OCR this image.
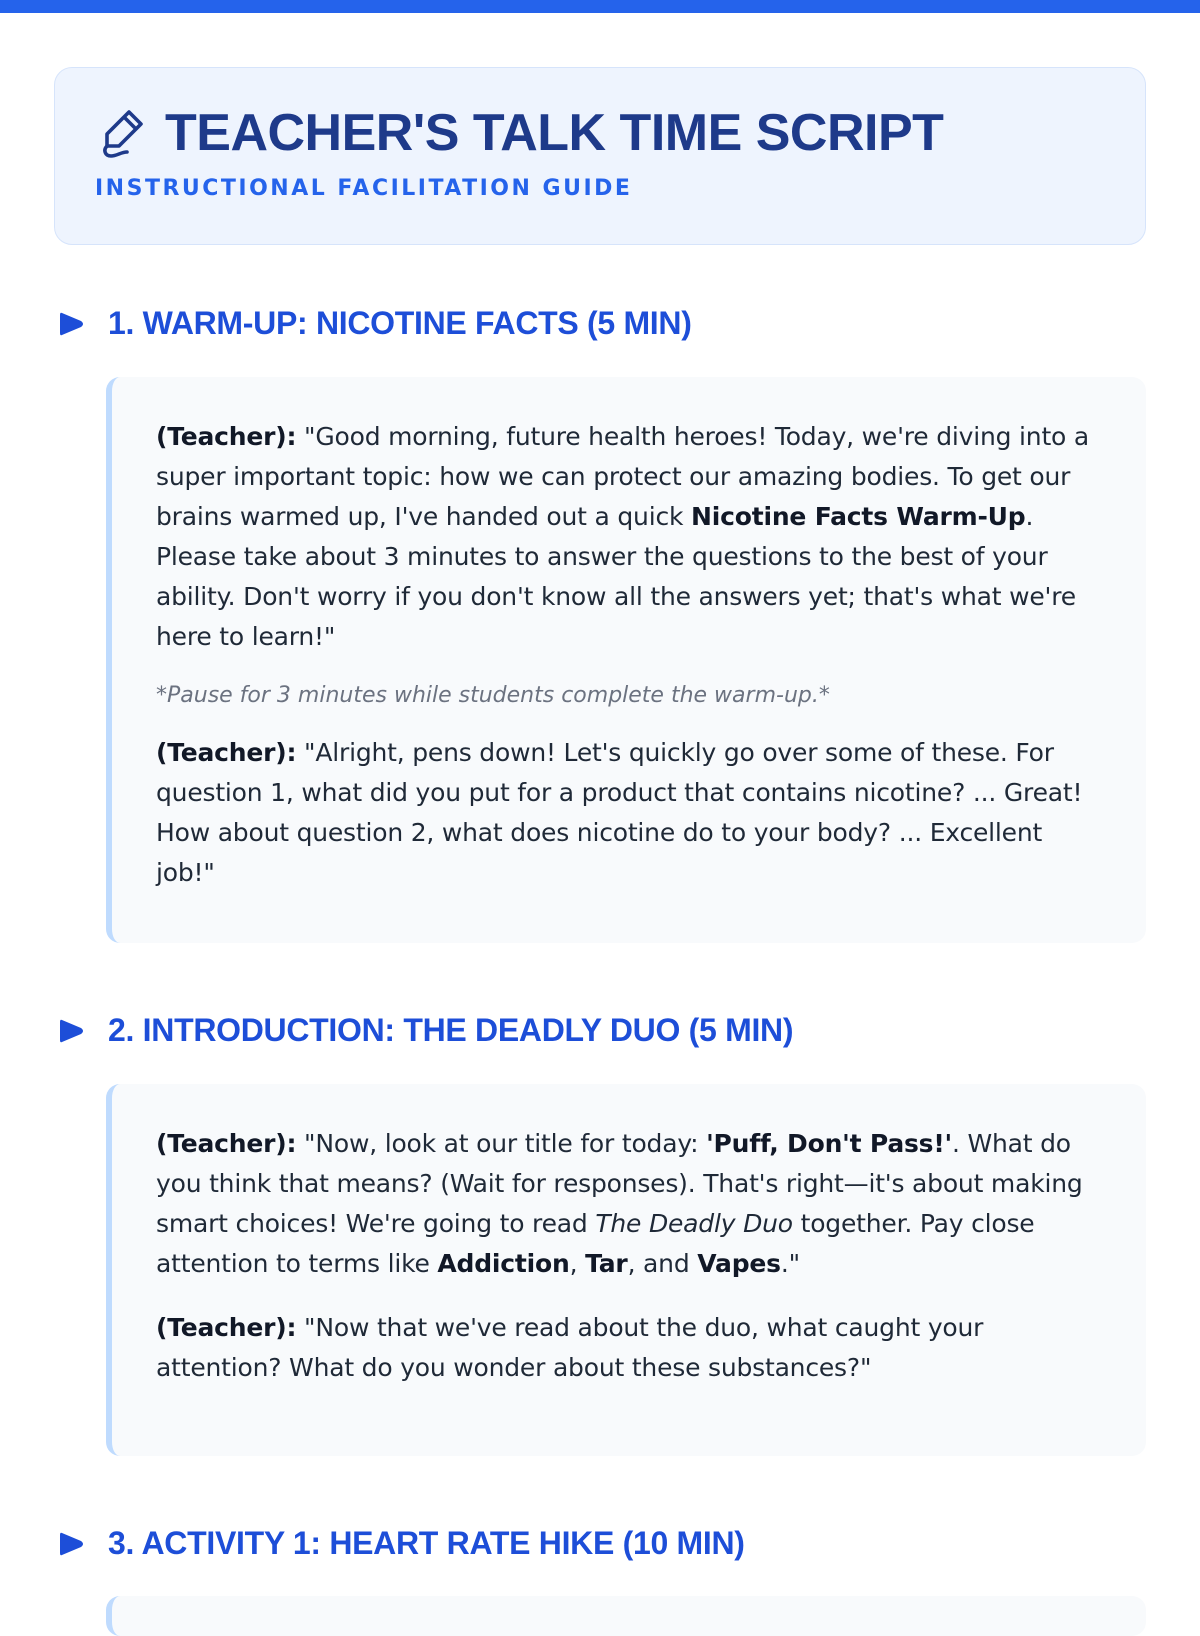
TEACHER'S TALK TIME SCRIPT
INSTRUCTIONAL FACILITATION GUIDE
1. WARM-UP: NICOTINE FACTS (5 MIN)

(Teacher): "Good morning, future health heroes! Today, we're diving into a super important topic: how we can protect our amazing bodies. To get our brains warmed up, I've handed out a quick Nicotine Facts Warm-Up. Please take about 3 minutes to answer the questions to the best of your ability. Don't worry if you don't know all the answers yet; that's what we're here to learn!"

*Pause for 3 minutes while students complete the warm-up.*

(Teacher): "Alright, pens down! Let's quickly go over some of these. For question 1, what did you put for a product that contains nicotine? ... Great! How about question 2, what does nicotine do to your body? ... Excellent job!"

2. INTRODUCTION: THE DEADLY DUO (5 MIN)

(Teacher): "Now, look at our title for today: 'Puff, Don't Pass!'. What do you think that means? (Wait for responses). That's right—it's about making smart choices! We're going to read The Deadly Duo together. Pay close attention to terms like Addiction, Tar, and Vapes."

(Teacher): "Now that we've read about the duo, what caught your attention? What do you wonder about these substances?"

3. ACTIVITY 1: HEART RATE HIKE (10 MIN)
